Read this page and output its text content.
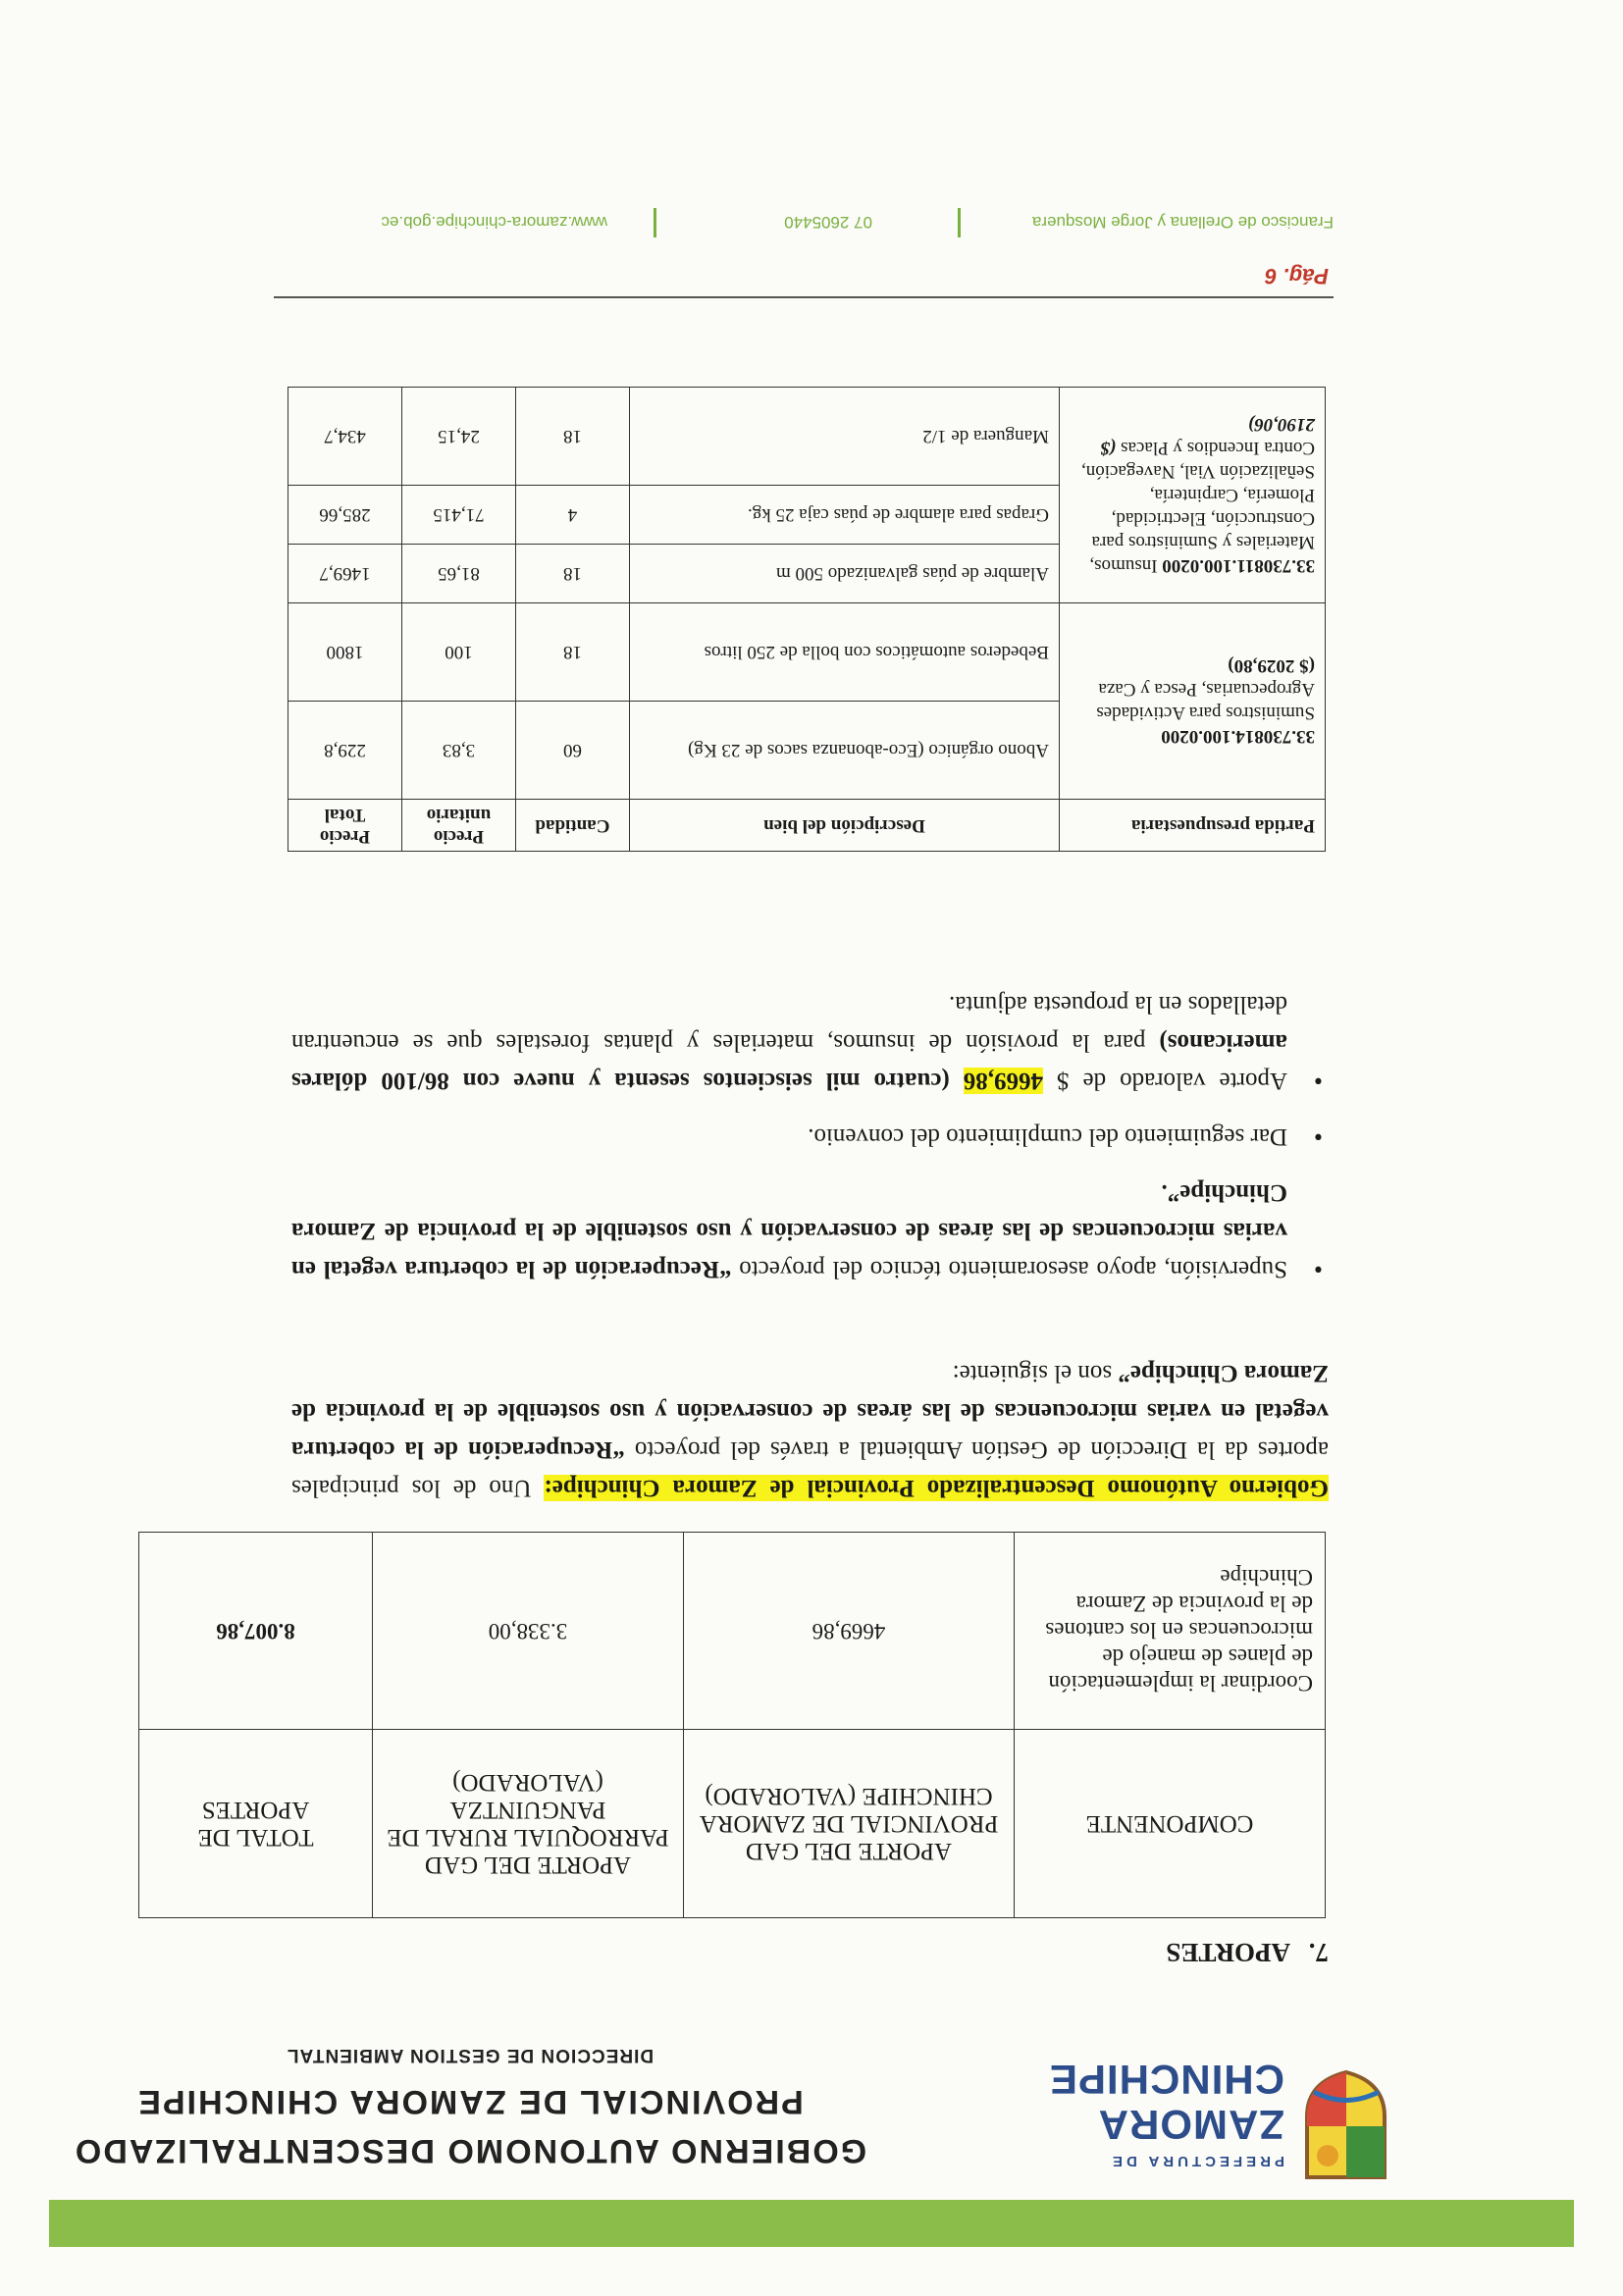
PREFECTURA DE
ZAMORA
CHINCHIPE
GOBIERNO AUTONOMO DESCENTRALIZADO PROVINCIAL DE ZAMORA CHINCHIPE
DIRECCION DE GESTION AMBIENTAL
7.   APORTES
COMPONENTE	APORTE DEL GAD PROVINCIAL DE ZAMORA CHINCHIPE (VALORADO)	APORTE DEL GAD PARROQUIAL RURAL DE PANGUINTZA (VALORADO)	TOTAL DE APORTES
Coordinar la implementación de planes de manejo de microcuencas en los cantones de la provincia de Zamora Chinchipe	4669,86	3.338,00	8.007,86

Gobierno Autónomo Descentralizado Provincial de Zamora Chinchipe: Uno de los principales aportes da la Dirección de Gestión Ambiental a través del proyecto “Recuperación de la cobertura vegetal en varias microcuencas de las áreas de conservación y uso sostenible de la provincia de Zamora Chinchipe” son el siguiente:

• Supervisión, apoyo asesoramiento técnico del proyecto “Recuperación de la cobertura vegetal en varias microcuencas de las áreas de conservación y uso sostenible de la provincia de Zamora Chinchipe”.
• Dar seguimiento del cumplimiento del convenio.
• Aporte valorado de $ 4669,86 (cuatro mil seiscientos sesenta y nueve con 86/100 dólares americanos) para la provisión de insumos, materiales y plantas forestales que se encuentran detallados en la propuesta adjunta.
Partida presupuestaria	Descripción del bien	Cantidad	Precio unitario	Precio Total
33.730814.100.0200
Suministros para Actividades Agropecuarias, Pesca y Caza
($ 2029,80)	Abono orgánico (Eco-abonanza sacos de 23 Kg)	60	3,83	229,8
	Bebederos automáticos con bolla de 250 litros	18	100	1800
33.730811.100.0200 Insumos, Materiales y Suministros para Construcción, Electricidad, Plomería, Carpintería, Señalización Vial, Navegación, Contra Incendios y Placas ($ 2190,06)	Alambre de púas galvanizado 500 m	18	81,65	1469,7
	Grapas para alambre de púas caja 25 kg.	4	71,415	285,66
	Manguera de 1/2	18	24,15	434,7
Pág. 6
Francisco de Orellana y Jorge Mosquera
07 2605440
www.zamora-chinchipe.gob.ec
